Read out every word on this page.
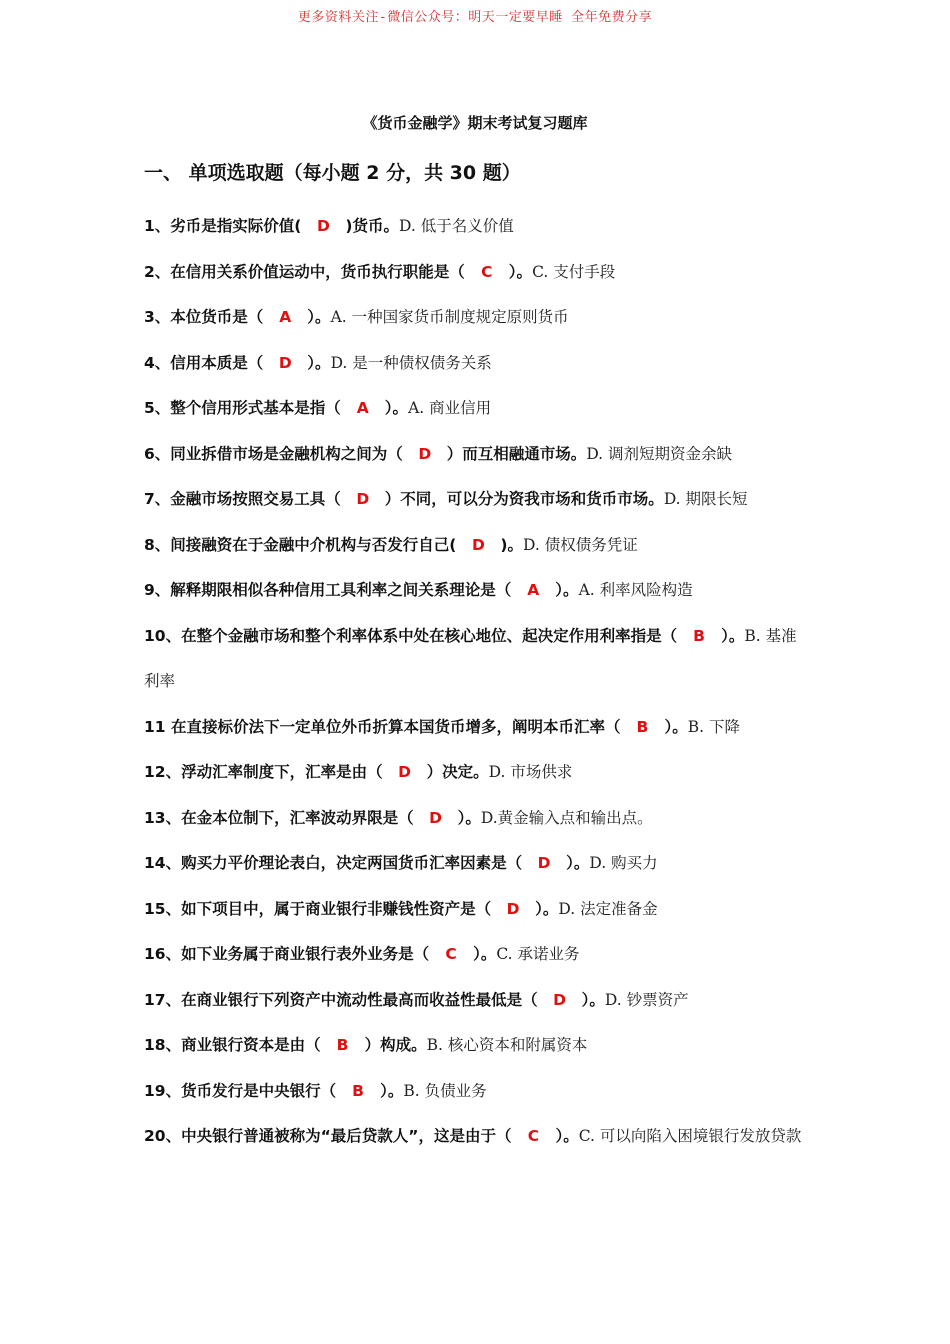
更多资料关注-微信公众号：明天一定要早睡 全年免费分享
《货币金融学》期末考试复习题库
一、 单项选取题（每小题 2 分，共 30 题）
1、劣币是指实际价值( D )货币。D. 低于名义价值
2、在信用关系价值运动中，货币执行职能是（ C ）。C. 支付手段
3、本位货币是（ A ）。A. 一种国家货币制度规定原则货币
4、信用本质是（ D ）。D. 是一种债权债务关系
5、整个信用形式基本是指（ A ）。A. 商业信用
6、同业拆借市场是金融机构之间为（ D ）而互相融通市场。D. 调剂短期资金余缺
7、金融市场按照交易工具（ D ）不同，可以分为资我市场和货币市场。D. 期限长短
8、间接融资在于金融中介机构与否发行自己( D )。D. 债权债务凭证
9、解释期限相似各种信用工具利率之间关系理论是（ A ）。A. 利率风险构造
10、在整个金融市场和整个利率体系中处在核心地位、起决定作用利率指是（ B ）。B. 基准利率
11 在直接标价法下一定单位外币折算本国货币增多，阐明本币汇率（ B ）。B. 下降
12、浮动汇率制度下，汇率是由（ D ）决定。D. 市场供求
13、在金本位制下，汇率波动界限是（ D ）。D.黄金输入点和输出点。
14、购买力平价理论表白，决定两国货币汇率因素是（ D ）。D. 购买力
15、如下项目中，属于商业银行非赚钱性资产是（ D ）。D. 法定准备金
16、如下业务属于商业银行表外业务是（ C ）。C. 承诺业务
17、在商业银行下列资产中流动性最高而收益性最低是（ D ）。D. 钞票资产
18、商业银行资本是由（ B ）构成。B. 核心资本和附属资本
19、货币发行是中央银行（ B ）。B. 负债业务
20、中央银行普通被称为“最后贷款人”，这是由于（ C ）。C. 可以向陷入困境银行发放贷款
